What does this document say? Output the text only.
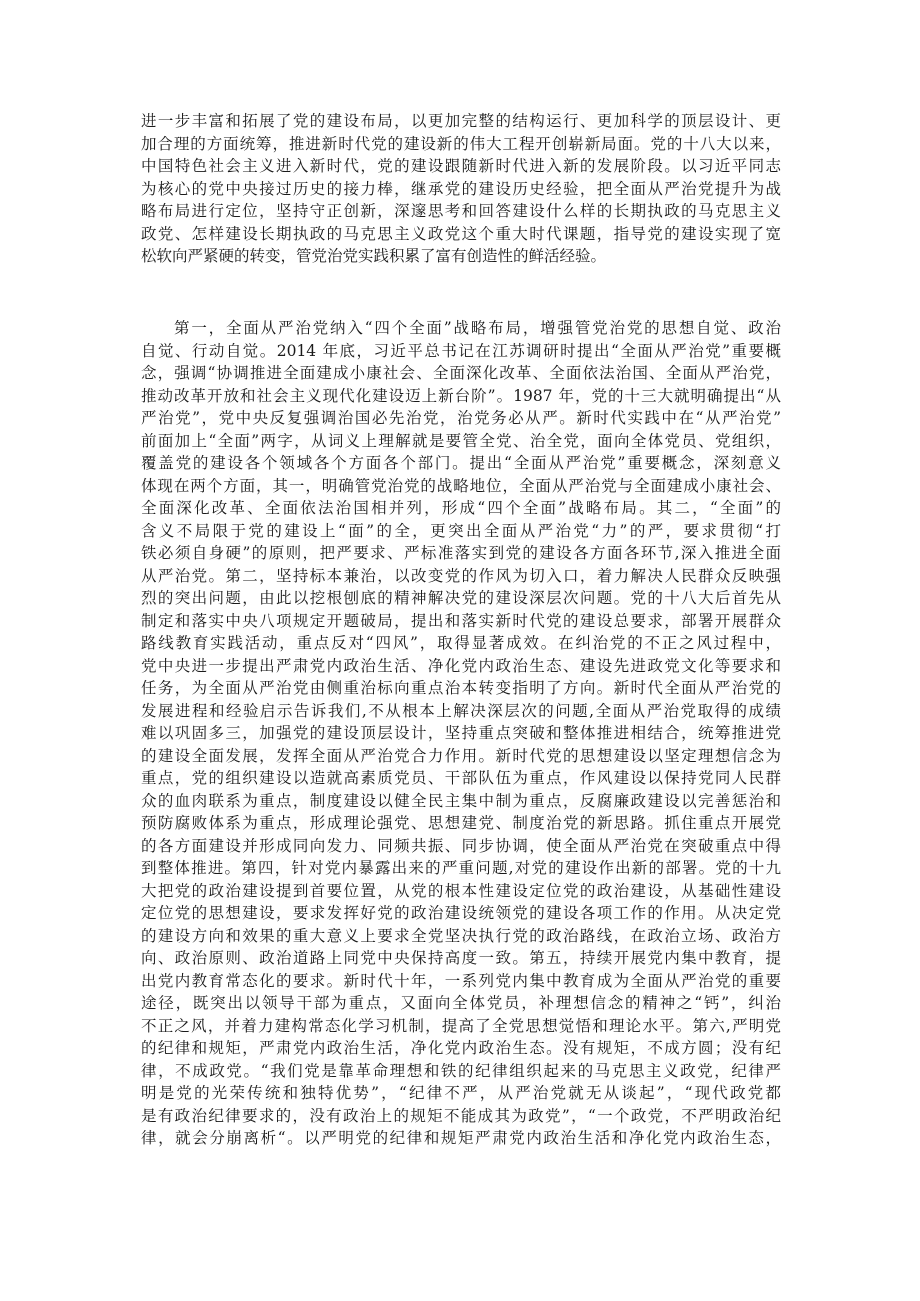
进一步丰富和拓展了党的建设布局，以更加完整的结构运行、更加科学的顶层设计、更
加合理的方面统筹，推进新时代党的建设新的伟大工程开创崭新局面。党的十八大以来，
中国特色社会主义进入新时代，党的建设跟随新时代进入新的发展阶段。以习近平同志
为核心的党中央接过历史的接力棒，继承党的建设历史经验，把全面从严治党提升为战
略布局进行定位，坚持守正创新，深邃思考和回答建设什么样的长期执政的马克思主义
政党、怎样建设长期执政的马克思主义政党这个重大时代课题，指导党的建设实现了宽
松软向严紧硬的转变，管党治党实践积累了富有创造性的鲜活经验。
第一，全面从严治党纳入“四个全面”战略布局，增强管党治党的思想自觉、政治
自觉、行动自觉。2014 年底，习近平总书记在江苏调研时提出“全面从严治党”重要概
念，强调“协调推进全面建成小康社会、全面深化改革、全面依法治国、全面从严治党，
推动改革开放和社会主义现代化建设迈上新台阶”。1987 年，党的十三大就明确提出“从
严治党”，党中央反复强调治国必先治党，治党务必从严。新时代实践中在“从严治党”
前面加上“全面”两字，从词义上理解就是要管全党、治全党，面向全体党员、党组织，
覆盖党的建设各个领域各个方面各个部门。提出“全面从严治党”重要概念，深刻意义
体现在两个方面，其一，明确管党治党的战略地位，全面从严治党与全面建成小康社会、
全面深化改革、全面依法治国相并列，形成“四个全面”战略布局。其二，“全面”的
含义不局限于党的建设上“面”的全，更突出全面从严治党“力”的严，要求贯彻“打
铁必须自身硬”的原则，把严要求、严标准落实到党的建设各方面各环节,深入推进全面
从严治党。第二，坚持标本兼治，以改变党的作风为切入口，着力解决人民群众反映强
烈的突出问题，由此以挖根刨底的精神解决党的建设深层次问题。党的十八大后首先从
制定和落实中央八项规定开题破局，提出和落实新时代党的建设总要求，部署开展群众
路线教育实践活动，重点反对“四风”，取得显著成效。在纠治党的不正之风过程中，
党中央进一步提出严肃党内政治生活、净化党内政治生态、建设先进政党文化等要求和
任务，为全面从严治党由侧重治标向重点治本转变指明了方向。新时代全面从严治党的
发展进程和经验启示告诉我们,不从根本上解决深层次的问题,全面从严治党取得的成绩
难以巩固多三，加强党的建设顶层设计，坚持重点突破和整体推进相结合，统筹推进党
的建设全面发展，发挥全面从严治党合力作用。新时代党的思想建设以坚定理想信念为
重点，党的组织建设以造就高素质党员、干部队伍为重点，作风建设以保持党同人民群
众的血肉联系为重点，制度建设以健全民主集中制为重点，反腐廉政建设以完善惩治和
预防腐败体系为重点，形成理论强党、思想建党、制度治党的新思路。抓住重点开展党
的各方面建设并形成同向发力、同频共振、同步协调，使全面从严治党在突破重点中得
到整体推进。第四，针对党内暴露出来的严重问题,对党的建设作出新的部署。党的十九
大把党的政治建设提到首要位置，从党的根本性建设定位党的政治建设，从基础性建设
定位党的思想建设，要求发挥好党的政治建设统领党的建设各项工作的作用。从决定党
的建设方向和效果的重大意义上要求全党坚决执行党的政治路线，在政治立场、政治方
向、政治原则、政治道路上同党中央保持高度一致。第五，持续开展党内集中教育，提
出党内教育常态化的要求。新时代十年，一系列党内集中教育成为全面从严治党的重要
途径，既突出以领导干部为重点，又面向全体党员，补理想信念的精神之“钙”，纠治
不正之风，并着力建构常态化学习机制，提高了全党思想觉悟和理论水平。第六,严明党
的纪律和规矩，严肃党内政治生活，净化党内政治生态。没有规矩，不成方圆；没有纪
律，不成政党。“我们党是靠革命理想和铁的纪律组织起来的马克思主义政党，纪律严
明是党的光荣传统和独特优势”，“纪律不严，从严治党就无从谈起”，“现代政党都
是有政治纪律要求的，没有政治上的规矩不能成其为政党”，“一个政党，不严明政治纪
律，就会分崩离析“。以严明党的纪律和规矩严肃党内政治生活和净化党内政治生态，
